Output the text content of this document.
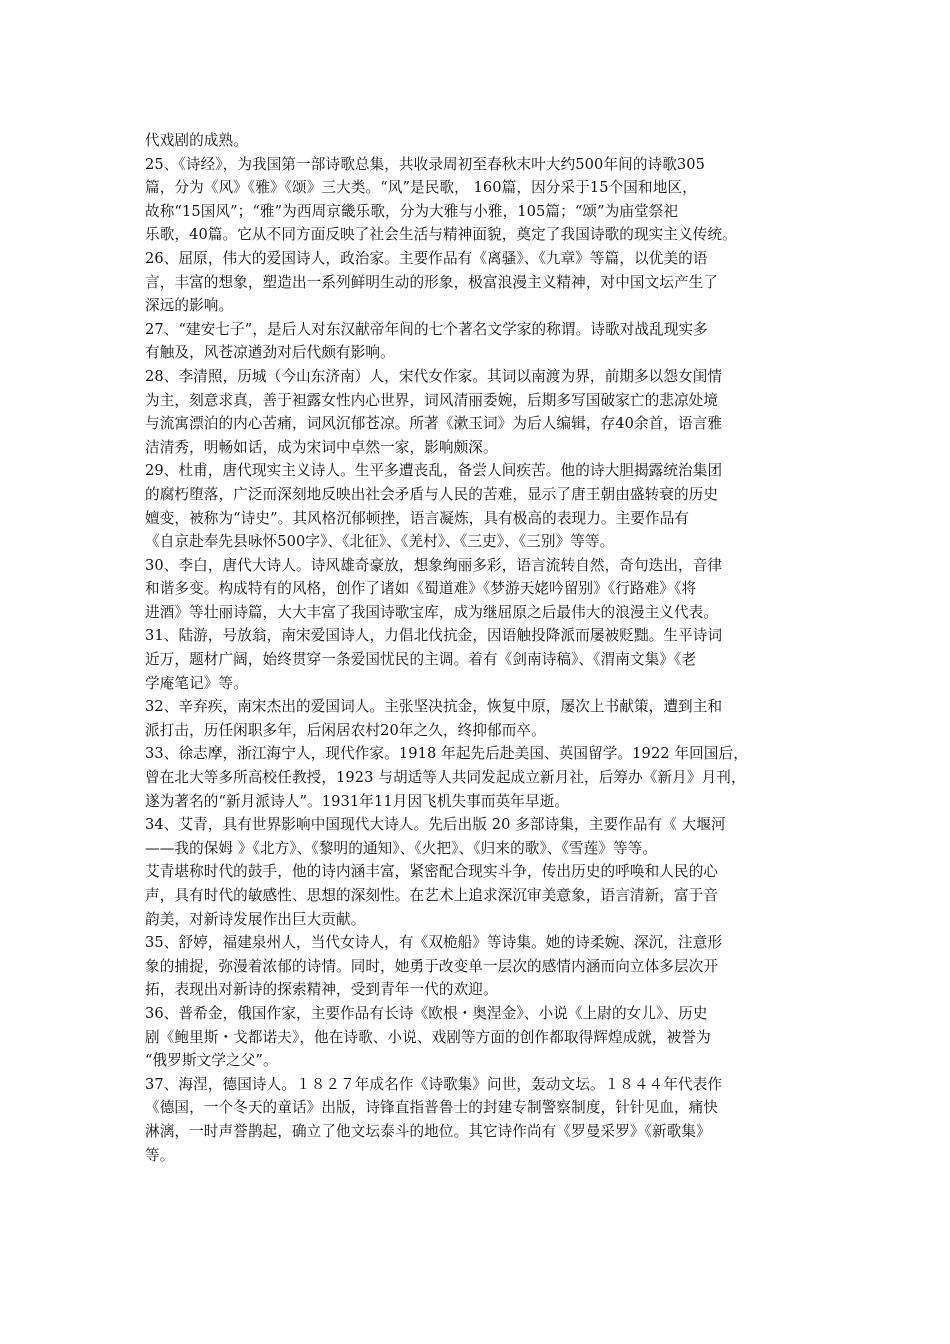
代戏剧的成熟。
25、《诗经》，为我国第一部诗歌总集，共收录周初至春秋末叶大约500年间的诗歌305
篇，分为《风》《雅》《颂》三大类。“风”是民歌， 160篇，因分采于15个国和地区，
故称“15国风”；“雅”为西周京畿乐歌，分为大雅与小雅，105篇；“颂”为庙堂祭祀
乐歌，40篇。它从不同方面反映了社会生活与精神面貌，奠定了我国诗歌的现实主义传统。
26、屈原，伟大的爱国诗人，政治家。主要作品有《离骚》、《九章》等篇，以优美的语
言，丰富的想象，塑造出一系列鲜明生动的形象，极富浪漫主义精神，对中国文坛产生了
深远的影响。
27、“建安七子”，是后人对东汉献帝年间的七个著名文学家的称谓。诗歌对战乱现实多
有触及，风苍凉遒劲对后代颇有影响。
28、李清照，历城（今山东济南）人，宋代女作家。其词以南渡为界，前期多以怨女闺情
为主，刻意求真，善于袒露女性内心世界，词风清丽委婉，后期多写国破家亡的悲凉处境
与流寓漂泊的内心苦痛，词风沉郁苍凉。所著《漱玉词》为后人编辑，存40余首，语言雅
洁清秀，明畅如话，成为宋词中卓然一家，影响颇深。
29、杜甫，唐代现实主义诗人。生平多遭丧乱，备尝人间疾苦。他的诗大胆揭露统治集团
的腐朽堕落，广泛而深刻地反映出社会矛盾与人民的苦难，显示了唐王朝由盛转衰的历史
嬗变，被称为“诗史”。其风格沉郁顿挫，语言凝炼，具有极高的表现力。主要作品有
《自京赴奉先县咏怀500字》、《北征》、《羌村》、《三吏》、《三别》等等。
30、李白，唐代大诗人。诗风雄奇豪放，想象绚丽多彩，语言流转自然，奇句迭出，音律
和谐多变。构成特有的风格，创作了诸如《蜀道难》《梦游天姥吟留别》《行路难》《将
进酒》等壮丽诗篇，大大丰富了我国诗歌宝库，成为继屈原之后最伟大的浪漫主义代表。
31、陆游，号放翁，南宋爱国诗人，力倡北伐抗金，因语触投降派而屡被贬黜。生平诗词
近万，题材广阔，始终贯穿一条爱国忧民的主调。着有《剑南诗稿》、《渭南文集》《老
学庵笔记》等。
32、辛弃疾，南宋杰出的爱国词人。主张坚决抗金，恢复中原，屡次上书献策，遭到主和
派打击，历任闲职多年，后闲居农村20年之久，终抑郁而卒。
33、徐志摩，浙江海宁人，现代作家。1918 年起先后赴美国、英国留学。1922 年回国后，
曾在北大等多所高校任教授，1923 与胡适等人共同发起成立新月社，后筹办《新月》月刊，
遂为著名的“新月派诗人”。1931年11月因飞机失事而英年早逝。
34、艾青，具有世界影响中国现代大诗人。先后出版 20 多部诗集，主要作品有《 大堰河
——我的保姆 》《北方》、《黎明的通知》、《火把》、《归来的歌》、《雪莲》等等。
艾青堪称时代的鼓手，他的诗内涵丰富，紧密配合现实斗争，传出历史的呼唤和人民的心
声，具有时代的敏感性、思想的深刻性。在艺术上追求深沉审美意象，语言清新，富于音
韵美，对新诗发展作出巨大贡献。
35、舒婷，福建泉州人，当代女诗人，有《双桅船》等诗集。她的诗柔婉、深沉，注意形
象的捕捉，弥漫着浓郁的诗情。同时，她勇于改变单一层次的感情内涵而向立体多层次开
拓，表现出对新诗的探索精神，受到青年一代的欢迎。
36、普希金，俄国作家，主要作品有长诗《欧根・奥涅金》、小说《上尉的女儿》、历史
剧《鲍里斯・戈都诺夫》，他在诗歌、小说、戏剧等方面的创作都取得辉煌成就，被誉为
“俄罗斯文学之父”。
37、海涅，德国诗人。１８２７年成名作《诗歌集》问世，轰动文坛。１８４４年代表作
《德国，一个冬天的童话》出版，诗锋直指普鲁士的封建专制警察制度，针针见血，痛快
淋漓，一时声誉鹊起，确立了他文坛泰斗的地位。其它诗作尚有《罗曼采罗》《新歌集》
等。
